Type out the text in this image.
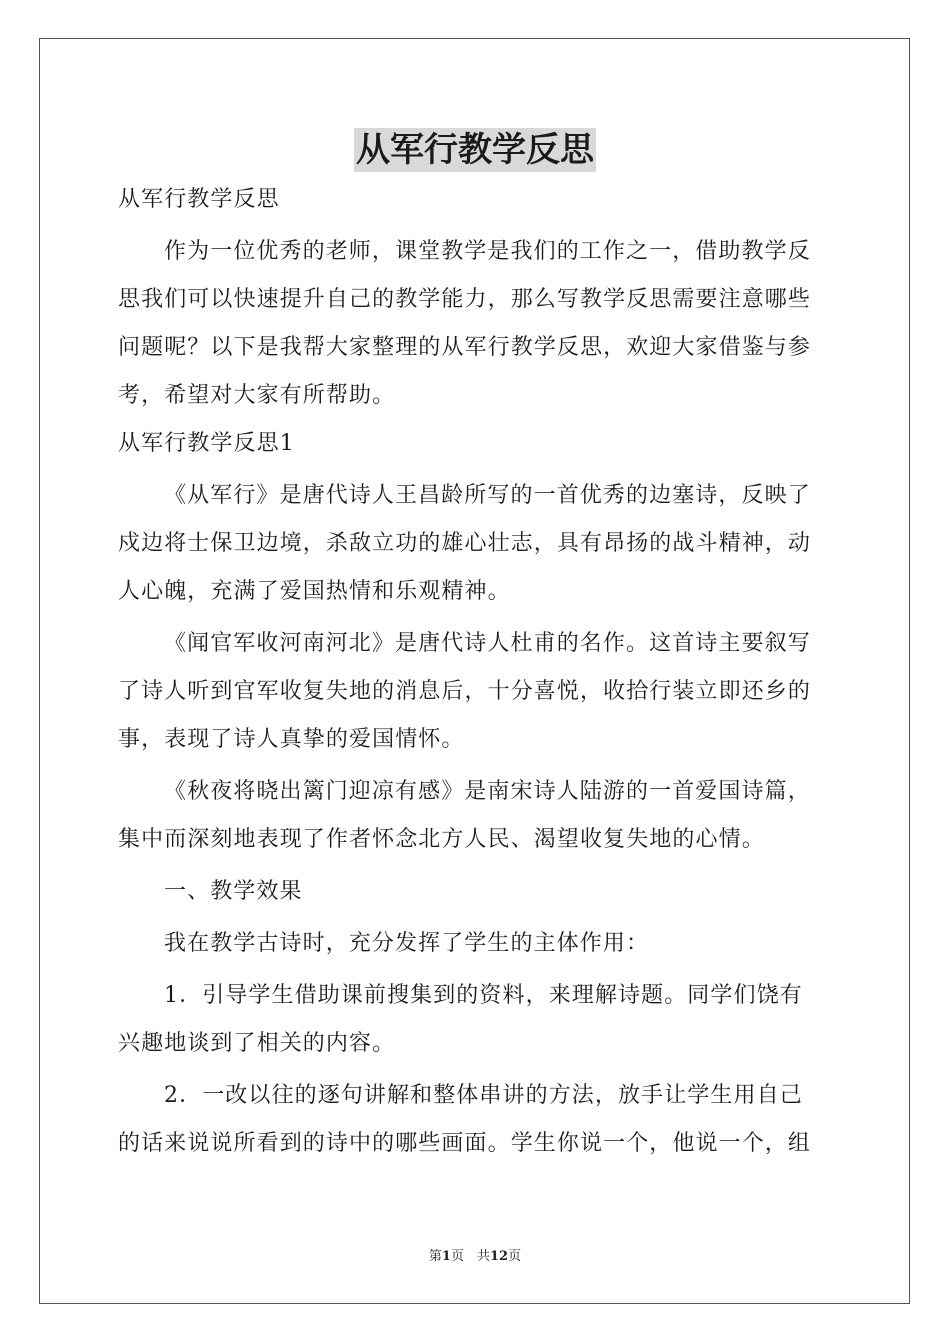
从军行教学反思
从军行教学反思
作为一位优秀的老师，课堂教学是我们的工作之一，借助教学反
思我们可以快速提升自己的教学能力，那么写教学反思需要注意哪些
问题呢？以下是我帮大家整理的从军行教学反思，欢迎大家借鉴与参
考，希望对大家有所帮助。
从军行教学反思1
《从军行》是唐代诗人王昌龄所写的一首优秀的边塞诗，反映了
戍边将士保卫边境，杀敌立功的雄心壮志，具有昂扬的战斗精神，动
人心魄，充满了爱国热情和乐观精神。
《闻官军收河南河北》是唐代诗人杜甫的名作。这首诗主要叙写
了诗人听到官军收复失地的消息后，十分喜悦，收拾行装立即还乡的
事，表现了诗人真挚的爱国情怀。
《秋夜将晓出篱门迎凉有感》是南宋诗人陆游的一首爱国诗篇，
集中而深刻地表现了作者怀念北方人民、渴望收复失地的心情。
一、教学效果
我在教学古诗时，充分发挥了学生的主体作用：
1．引导学生借助课前搜集到的资料，来理解诗题。同学们饶有
兴趣地谈到了相关的内容。
2．一改以往的逐句讲解和整体串讲的方法，放手让学生用自己
的话来说说所看到的诗中的哪些画面。学生你说一个，他说一个，组
第1页　共12页
